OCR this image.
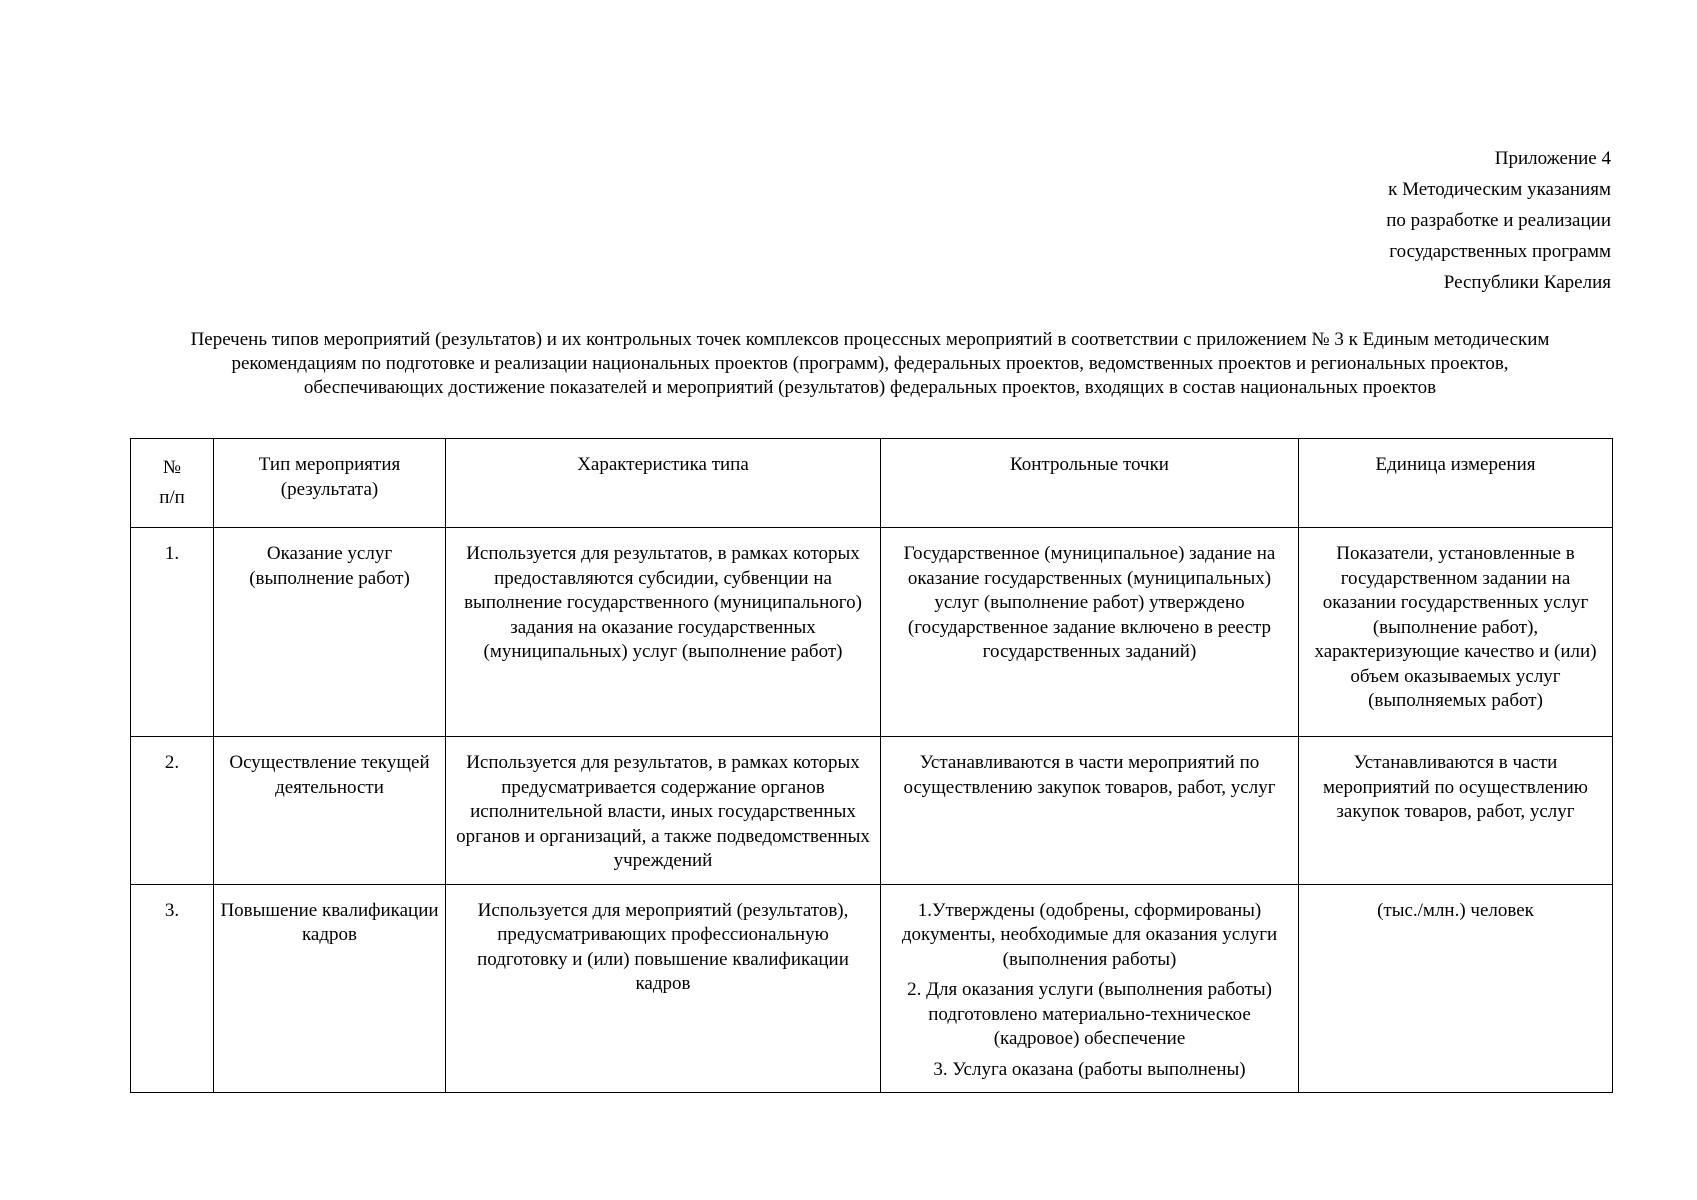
Приложение 4
к Методическим указаниям
по разработке и реализации
государственных программ
Республики Карелия
Перечень типов мероприятий (результатов) и их контрольных точек комплексов процессных мероприятий в соответствии с приложением № 3 к Единым методическим
рекомендациям по подготовке и реализации национальных проектов (программ), федеральных проектов, ведомственных проектов и региональных проектов,
обеспечивающих достижение показателей и мероприятий (результатов) федеральных проектов, входящих в состав национальных проектов
№
п/п	Тип мероприятия (результата)	Характеристика типа	Контрольные точки	Единица измерения
1.	Оказание услуг (выполнение работ)	Используется для результатов, в рамках которых предоставляются субсидии, субвенции на выполнение государственного (муниципального) задания на оказание государственных (муниципальных) услуг (выполнение работ)	Государственное (муниципальное) задание на оказание государственных (муниципальных) услуг (выполнение работ) утверждено (государственное задание включено в реестр государственных заданий)	Показатели, установленные в государственном задании на оказании государственных услуг (выполнение работ), характеризующие качество и (или) объем оказываемых услуг (выполняемых работ)
2.	Осуществление текущей деятельности	Используется для результатов, в рамках которых предусматривается содержание органов исполнительной власти, иных государственных органов и организаций, а также подведомственных учреждений	Устанавливаются в части мероприятий по осуществлению закупок товаров, работ, услуг	Устанавливаются в части мероприятий по осуществлению закупок товаров, работ, услуг
3.	Повышение квалификации кадров	Используется для мероприятий (результатов), предусматривающих профессиональную подготовку и (или) повышение квалификации кадров	1.Утверждены (одобрены, сформированы) документы, необходимые для оказания услуги (выполнения работы)
2. Для оказания услуги (выполнения работы) подготовлено материально-техническое (кадровое) обеспечение
3. Услуга оказана (работы выполнены)	(тыс./млн.) человек
